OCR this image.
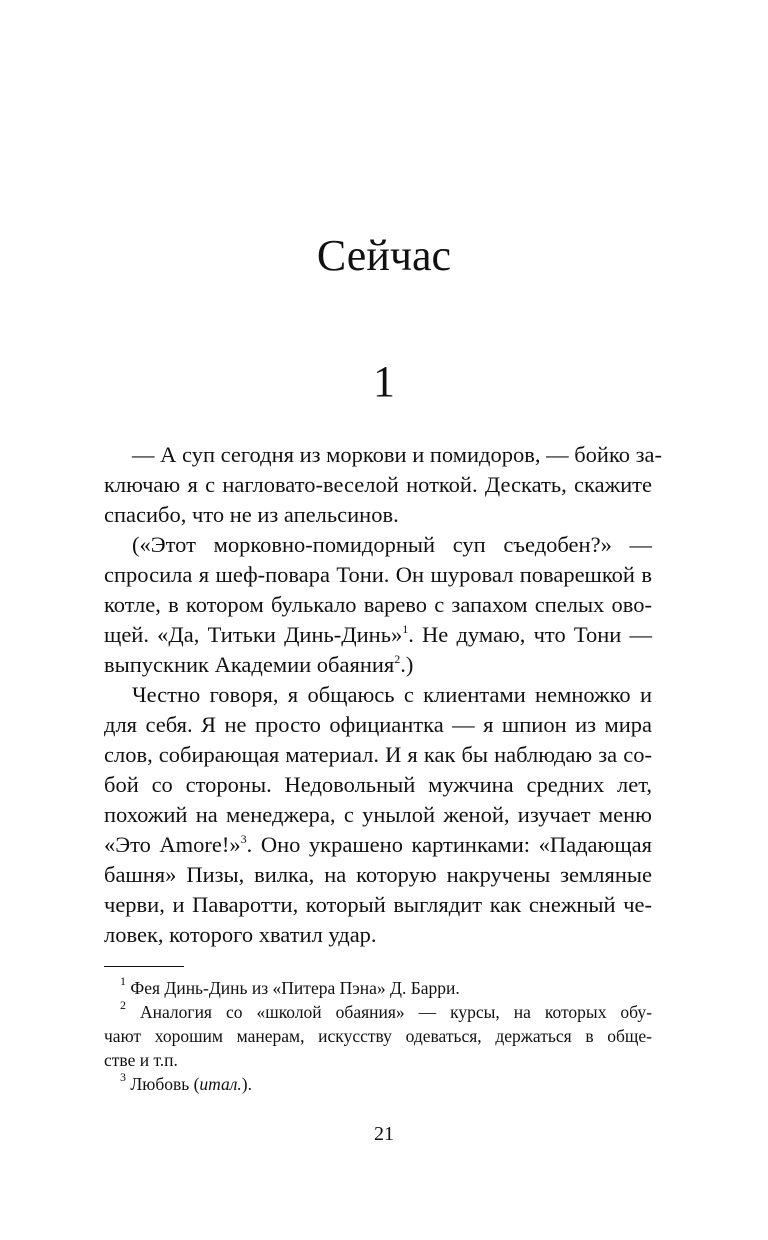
Сейчас
1
— А суп сегодня из моркови и помидоров, — бойко за-
ключаю я с нагловато-веселой ноткой. Дескать, скажите
спасибо, что не из апельсинов.
(«Этот морковно-помидорный суп съедобен?» —
спросила я шеф-повара Тони. Он шуровал поварешкой в
котле, в котором булькало варево с запахом спелых ово-
щей. «Да, Титьки Динь-Динь»$^1$. Не думаю, что Тони —
выпускник Академии обаяния$^2$.)
Честно говоря, я общаюсь с клиентами немножко и
для себя. Я не просто официантка — я шпион из мира
слов, собирающая материал. И я как бы наблюдаю за со-
бой со стороны. Недовольный мужчина средних лет,
похожий на менеджера, с унылой женой, изучает меню
«Это Amore!»$^3$. Оно украшено картинками: «Падающая
башня» Пизы, вилка, на которую накручены земляные
черви, и Паваротти, который выглядит как снежный че-
ловек, которого хватил удар.
$^1$ Фея Динь-Динь из «Питера Пэна» Д. Барри.
$^2$ Аналогия со «школой обаяния» — курсы, на которых обу-
чают хорошим манерам, искусству одеваться, держаться в обще-
стве и т.п.
$^3$ Любовь (итал.).
21
